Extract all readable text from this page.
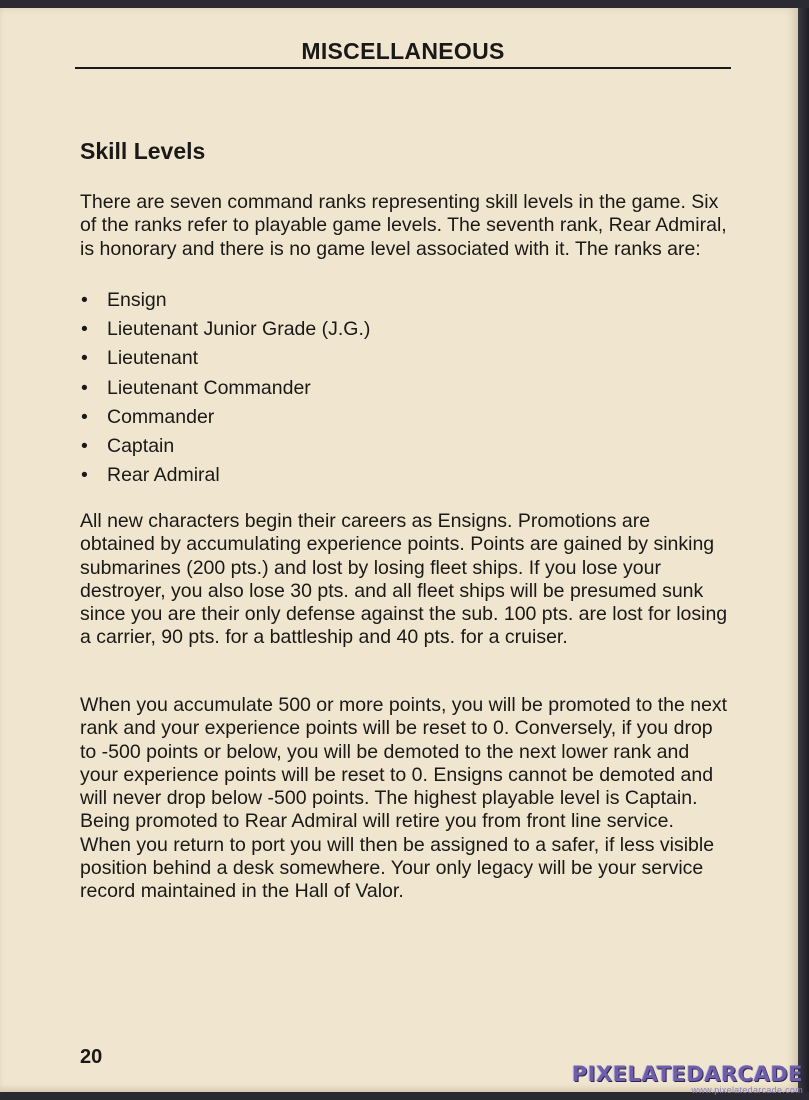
MISCELLANEOUS
Skill Levels
There are seven command ranks representing skill levels in the game. Six of the ranks refer to playable game levels. The seventh rank, Rear Admiral, is honorary and there is no game level associated with it. The ranks are:
• Ensign
• Lieutenant Junior Grade (J.G.)
• Lieutenant
• Lieutenant Commander
• Commander
• Captain
• Rear Admiral
All new characters begin their careers as Ensigns. Promotions are obtained by accumulating experience points. Points are gained by sinking submarines (200 pts.) and lost by losing fleet ships. If you lose your destroyer, you also lose 30 pts. and all fleet ships will be presumed sunk since you are their only defense against the sub. 100 pts. are lost for losing a carrier, 90 pts. for a battleship and 40 pts. for a cruiser.
When you accumulate 500 or more points, you will be promoted to the next rank and your experience points will be reset to 0. Conversely, if you drop to -500 points or below, you will be demoted to the next lower rank and your experience points will be reset to 0. Ensigns cannot be demoted and will never drop below -500 points. The highest playable level is Captain. Being promoted to Rear Admiral will retire you from front line service. When you return to port you will then be assigned to a safer, if less visible position behind a desk somewhere. Your only legacy will be your service record maintained in the Hall of Valor.
20
PIXELATEDARCADE
www.pixelatedarcade.com
